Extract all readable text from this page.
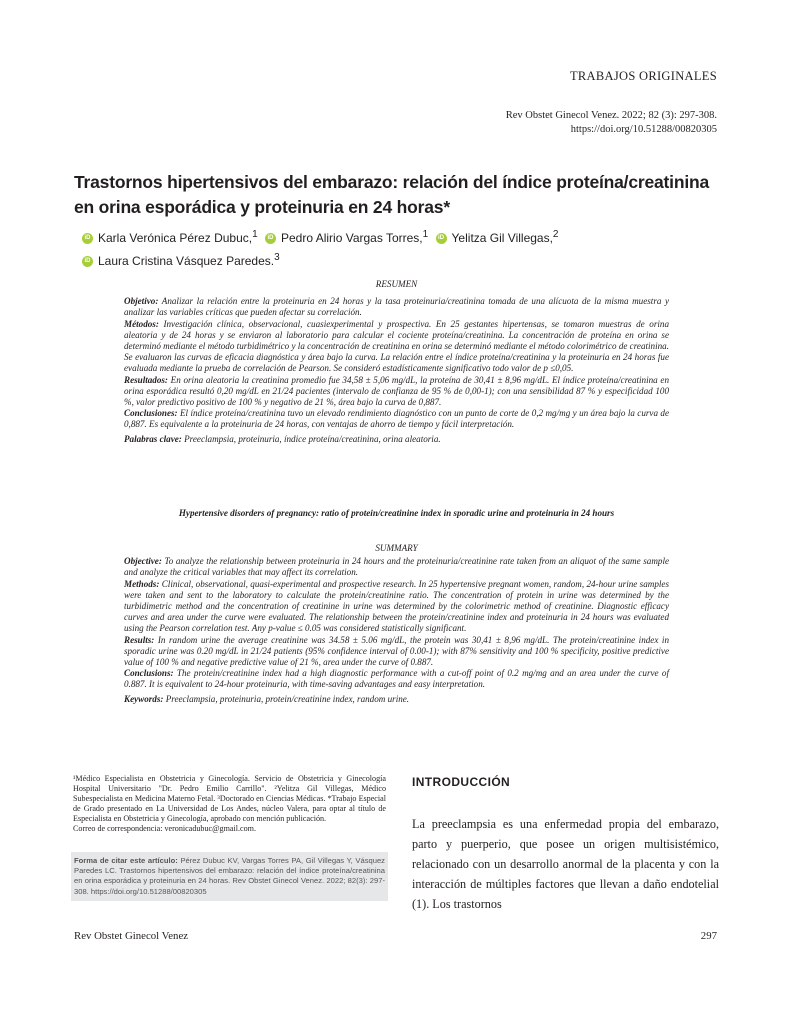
TRABAJOS ORIGINALES
Rev Obstet Ginecol Venez. 2022; 82 (3): 297-308.
https://doi.org/10.51288/00820305
Trastornos hipertensivos del embarazo: relación del índice proteína/creatinina en orina esporádica y proteinuria en 24 horas*
iD Karla Verónica Pérez Dubuc,$^1$ iD Pedro Alirio Vargas Torres,$^1$ iD Yelitza Gil Villegas,$^2$
iD Laura Cristina Vásquez Paredes.$^3$
RESUMEN

Objetivo: Analizar la relación entre la proteinuria en 24 horas y la tasa proteinuria/creatinina tomada de una alícuota de la misma muestra y analizar las variables críticas que pueden afectar su correlación.

Métodos: Investigación clínica, observacional, cuasiexperimental y prospectiva. En 25 gestantes hipertensas, se tomaron muestras de orina aleatoria y de 24 horas y se enviaron al laboratorio para calcular el cociente proteína/creatinina. La concentración de proteína en orina se determinó mediante el método turbidimétrico y la concentración de creatinina en orina se determinó mediante el método colorimétrico de creatinina. Se evaluaron las curvas de eficacia diagnóstica y área bajo la curva. La relación entre el índice proteína/creatinina y la proteinuria en 24 horas fue evaluada mediante la prueba de correlación de Pearson. Se consideró estadísticamente significativo todo valor de p ≤0,05.

Resultados: En orina aleatoria la creatinina promedio fue 34,58 ± 5,06 mg/dL, la proteína de 30,41 ± 8,96 mg/dL. El índice proteína/creatinina en orina esporádica resultó 0,20 mg/dL en 21/24 pacientes (intervalo de confianza de 95 % de 0,00-1); con una sensibilidad 87 % y especificidad 100 %, valor predictivo positivo de 100 % y negativo de 21 %, área bajo la curva de 0,887.

Conclusiones: El índice proteína/creatinina tuvo un elevado rendimiento diagnóstico con un punto de corte de 0,2 mg/mg y un área bajo la curva de 0,887. Es equivalente a la proteinuria de 24 horas, con ventajas de ahorro de tiempo y fácil interpretación.

Palabras clave: Preeclampsia, proteinuria, índice proteína/creatinina, orina aleatoria.

Hypertensive disorders of pregnancy: ratio of protein/creatinine index in sporadic urine and proteinuria in 24 hours
SUMMARY

Objective: To analyze the relationship between proteinuria in 24 hours and the proteinuria/creatinine rate taken from an aliquot of the same sample and analyze the critical variables that may affect its correlation.

Methods: Clinical, observational, quasi-experimental and prospective research. In 25 hypertensive pregnant women, random, 24-hour urine samples were taken and sent to the laboratory to calculate the protein/creatinine ratio. The concentration of protein in urine was determined by the turbidimetric method and the concentration of creatinine in urine was determined by the colorimetric method of creatinine. Diagnostic efficacy curves and area under the curve were evaluated. The relationship between the protein/creatinine index and proteinuria in 24 hours was evaluated using the Pearson correlation test. Any p-value ≤ 0.05 was considered statistically significant.

Results: In random urine the average creatinine was 34.58 ± 5.06 mg/dL, the protein was 30,41 ± 8,96 mg/dL. The protein/creatinine index in sporadic urine was 0.20 mg/dL in 21/24 patients (95% confidence interval of 0.00-1); with 87% sensitivity and 100 % specificity, positive predictive value of 100 % and negative predictive value of 21 %, area under the curve of 0.887.

Conclusions: The protein/creatinine index had a high diagnostic performance with a cut-off point of 0.2 mg/mg and an area under the curve of 0.887. It is equivalent to 24-hour proteinuria, with time-saving advantages and easy interpretation.

Keywords: Preeclampsia, proteinuria, protein/creatinine index, random urine.

¹Médico Especialista en Obstetricia y Ginecología. Servicio de Obstetricia y Ginecología Hospital Universitario "Dr. Pedro Emilio Carrillo". ²Yelitza Gil Villegas, Médico Subespecialista en Medicina Materno Fetal. ³Doctorado en Ciencias Médicas. *Trabajo Especial de Grado presentado en La Universidad de Los Andes, núcleo Valera, para optar al título de Especialista en Obstetricia y Ginecología, aprobado con mención publicación.

Correo de correspondencia: veronicadubuc@gmail.com.

Forma de citar este artículo: Pérez Dubuc KV, Vargas Torres PA, Gil Villegas Y, Vásquez Paredes LC. Trastornos hipertensivos del embarazo: relación del índice proteína/creatinina en orina esporádica y proteinuria en 24 horas. Rev Obstet Ginecol Venez. 2022; 82(3): 297-308. https://doi.org/10.51288/00820305
INTRODUCCIÓN
La preeclampsia es una enfermedad propia del embarazo, parto y puerperio, que posee un origen multisistémico, relacionado con un desarrollo anormal de la placenta y con la interacción de múltiples factores que llevan a daño endotelial (1). Los trastornos
Rev Obstet Ginecol Venez	297
